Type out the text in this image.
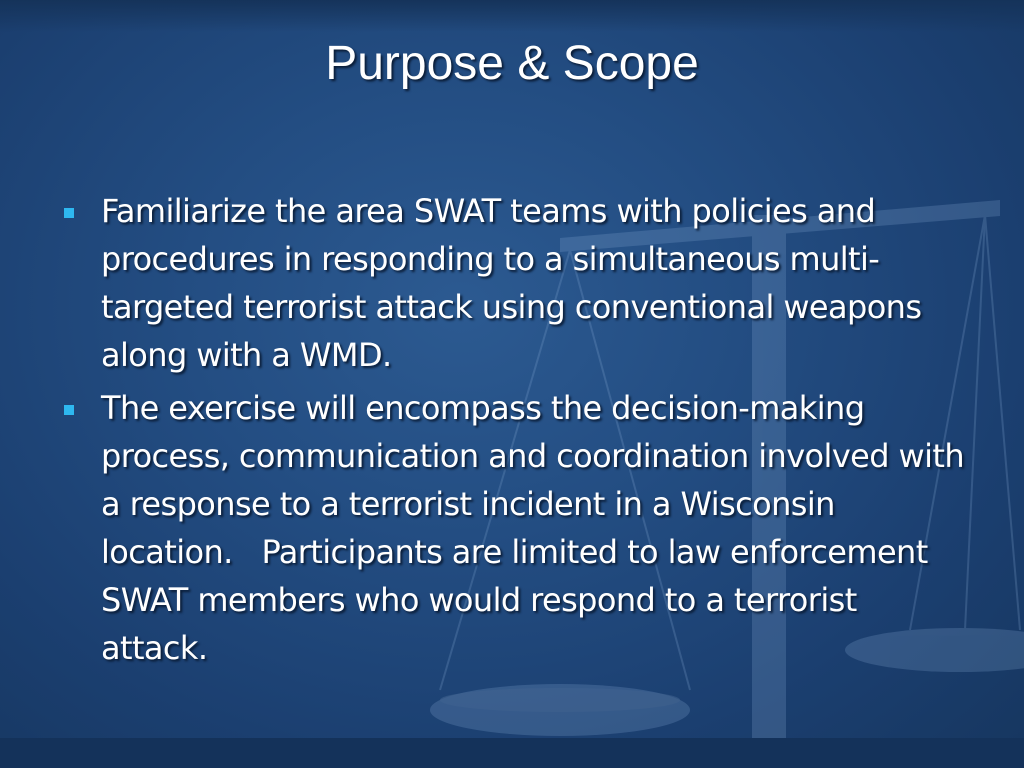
Purpose & Scope
Familiarize the area SWAT teams with policies and procedures in responding to a simultaneous multi-targeted terrorist attack using conventional weapons along with a WMD.
The exercise will encompass the decision-making process, communication and coordination involved with a response to a terrorist incident in a Wisconsin location.   Participants are limited to law enforcement SWAT members who would respond to a terrorist attack.
